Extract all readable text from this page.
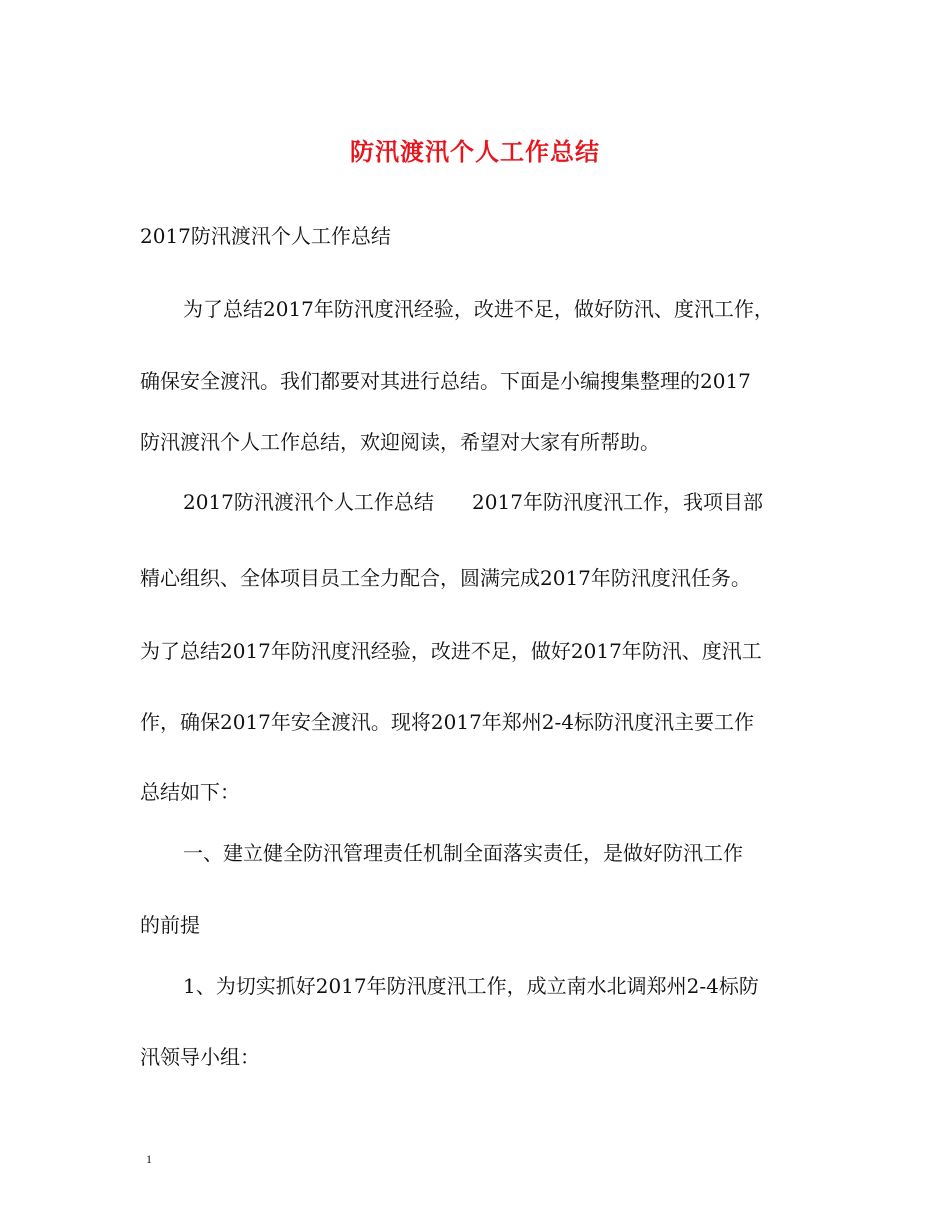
防汛渡汛个人工作总结
2017防汛渡汛个人工作总结
为了总结2017年防汛度汛经验，改进不足，做好防汛、度汛工作，
确保安全渡汛。我们都要对其进行总结。下面是小编搜集整理的2017
防汛渡汛个人工作总结，欢迎阅读，希望对大家有所帮助。
2017防汛渡汛个人工作总结      2017年防汛度汛工作，我项目部
精心组织、全体项目员工全力配合，圆满完成2017年防汛度汛任务。
为了总结2017年防汛度汛经验，改进不足，做好2017年防汛、度汛工
作，确保2017年安全渡汛。现将2017年郑州2-4标防汛度汛主要工作
总结如下：
一、建立健全防汛管理责任机制全面落实责任，是做好防汛工作
的前提
1、为切实抓好2017年防汛度汛工作，成立南水北调郑州2-4标防
汛领导小组：
1
